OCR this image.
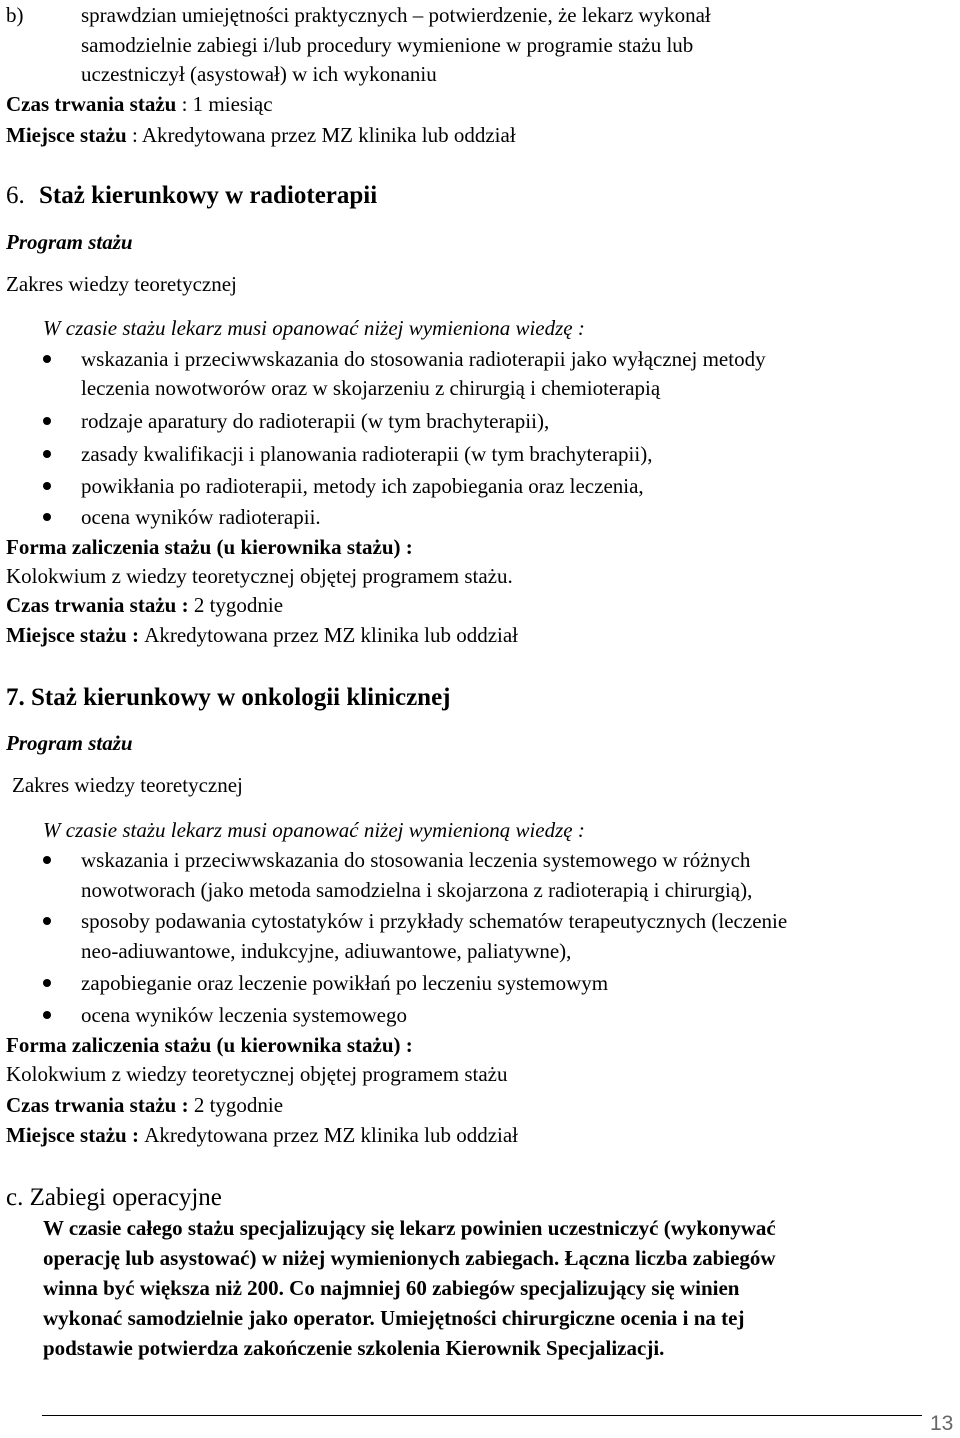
b)	sprawdzian umiejętności praktycznych – potwierdzenie, że lekarz wykonał
samodzielnie zabiegi i/lub procedury wymienione w programie stażu lub
uczestniczył (asystował) w ich wykonaniu
Czas trwania stażu : 1 miesiąc
Miejsce stażu : Akredytowana przez MZ klinika lub oddział
6. Staż kierunkowy w radioterapii
Program stażu
Zakres wiedzy teoretycznej
W czasie stażu lekarz musi opanować niżej wymieniona wiedzę :
wskazania i przeciwwskazania do stosowania radioterapii jako wyłącznej metody
leczenia nowotworów oraz w skojarzeniu z chirurgią i chemioterapią
rodzaje aparatury do radioterapii (w tym brachyterapii),
zasady kwalifikacji i planowania radioterapii (w tym brachyterapii),
powikłania po radioterapii, metody ich zapobiegania oraz leczenia,
ocena wyników radioterapii.
Forma zaliczenia stażu (u kierownika stażu) :
Kolokwium z wiedzy teoretycznej objętej programem stażu.
Czas trwania stażu : 2 tygodnie
Miejsce stażu : Akredytowana przez MZ klinika lub oddział
7. Staż kierunkowy w onkologii klinicznej
Program stażu
Zakres wiedzy teoretycznej
W czasie stażu lekarz musi opanować niżej wymienioną wiedzę :
wskazania i przeciwwskazania do stosowania leczenia systemowego w różnych
nowotworach (jako metoda samodzielna i skojarzona z radioterapią i chirurgią),
sposoby podawania cytostatyków i przykłady schematów terapeutycznych (leczenie
neo-adiuwantowe, indukcyjne, adiuwantowe, paliatywne),
zapobieganie oraz leczenie powikłań po leczeniu systemowym
ocena wyników leczenia systemowego
Forma zaliczenia stażu (u kierownika stażu) :
Kolokwium z wiedzy teoretycznej objętej programem stażu
Czas trwania stażu : 2 tygodnie
Miejsce stażu : Akredytowana przez MZ klinika lub oddział
c. Zabiegi operacyjne
W czasie całego stażu specjalizujący się lekarz powinien uczestniczyć (wykonywać
operację lub asystować) w niżej wymienionych zabiegach. Łączna liczba zabiegów
winna być większa niż 200. Co najmniej 60 zabiegów specjalizujący się winien
wykonać samodzielnie jako operator. Umiejętności chirurgiczne ocenia i na tej
podstawie potwierdza zakończenie szkolenia Kierownik Specjalizacji.
13
